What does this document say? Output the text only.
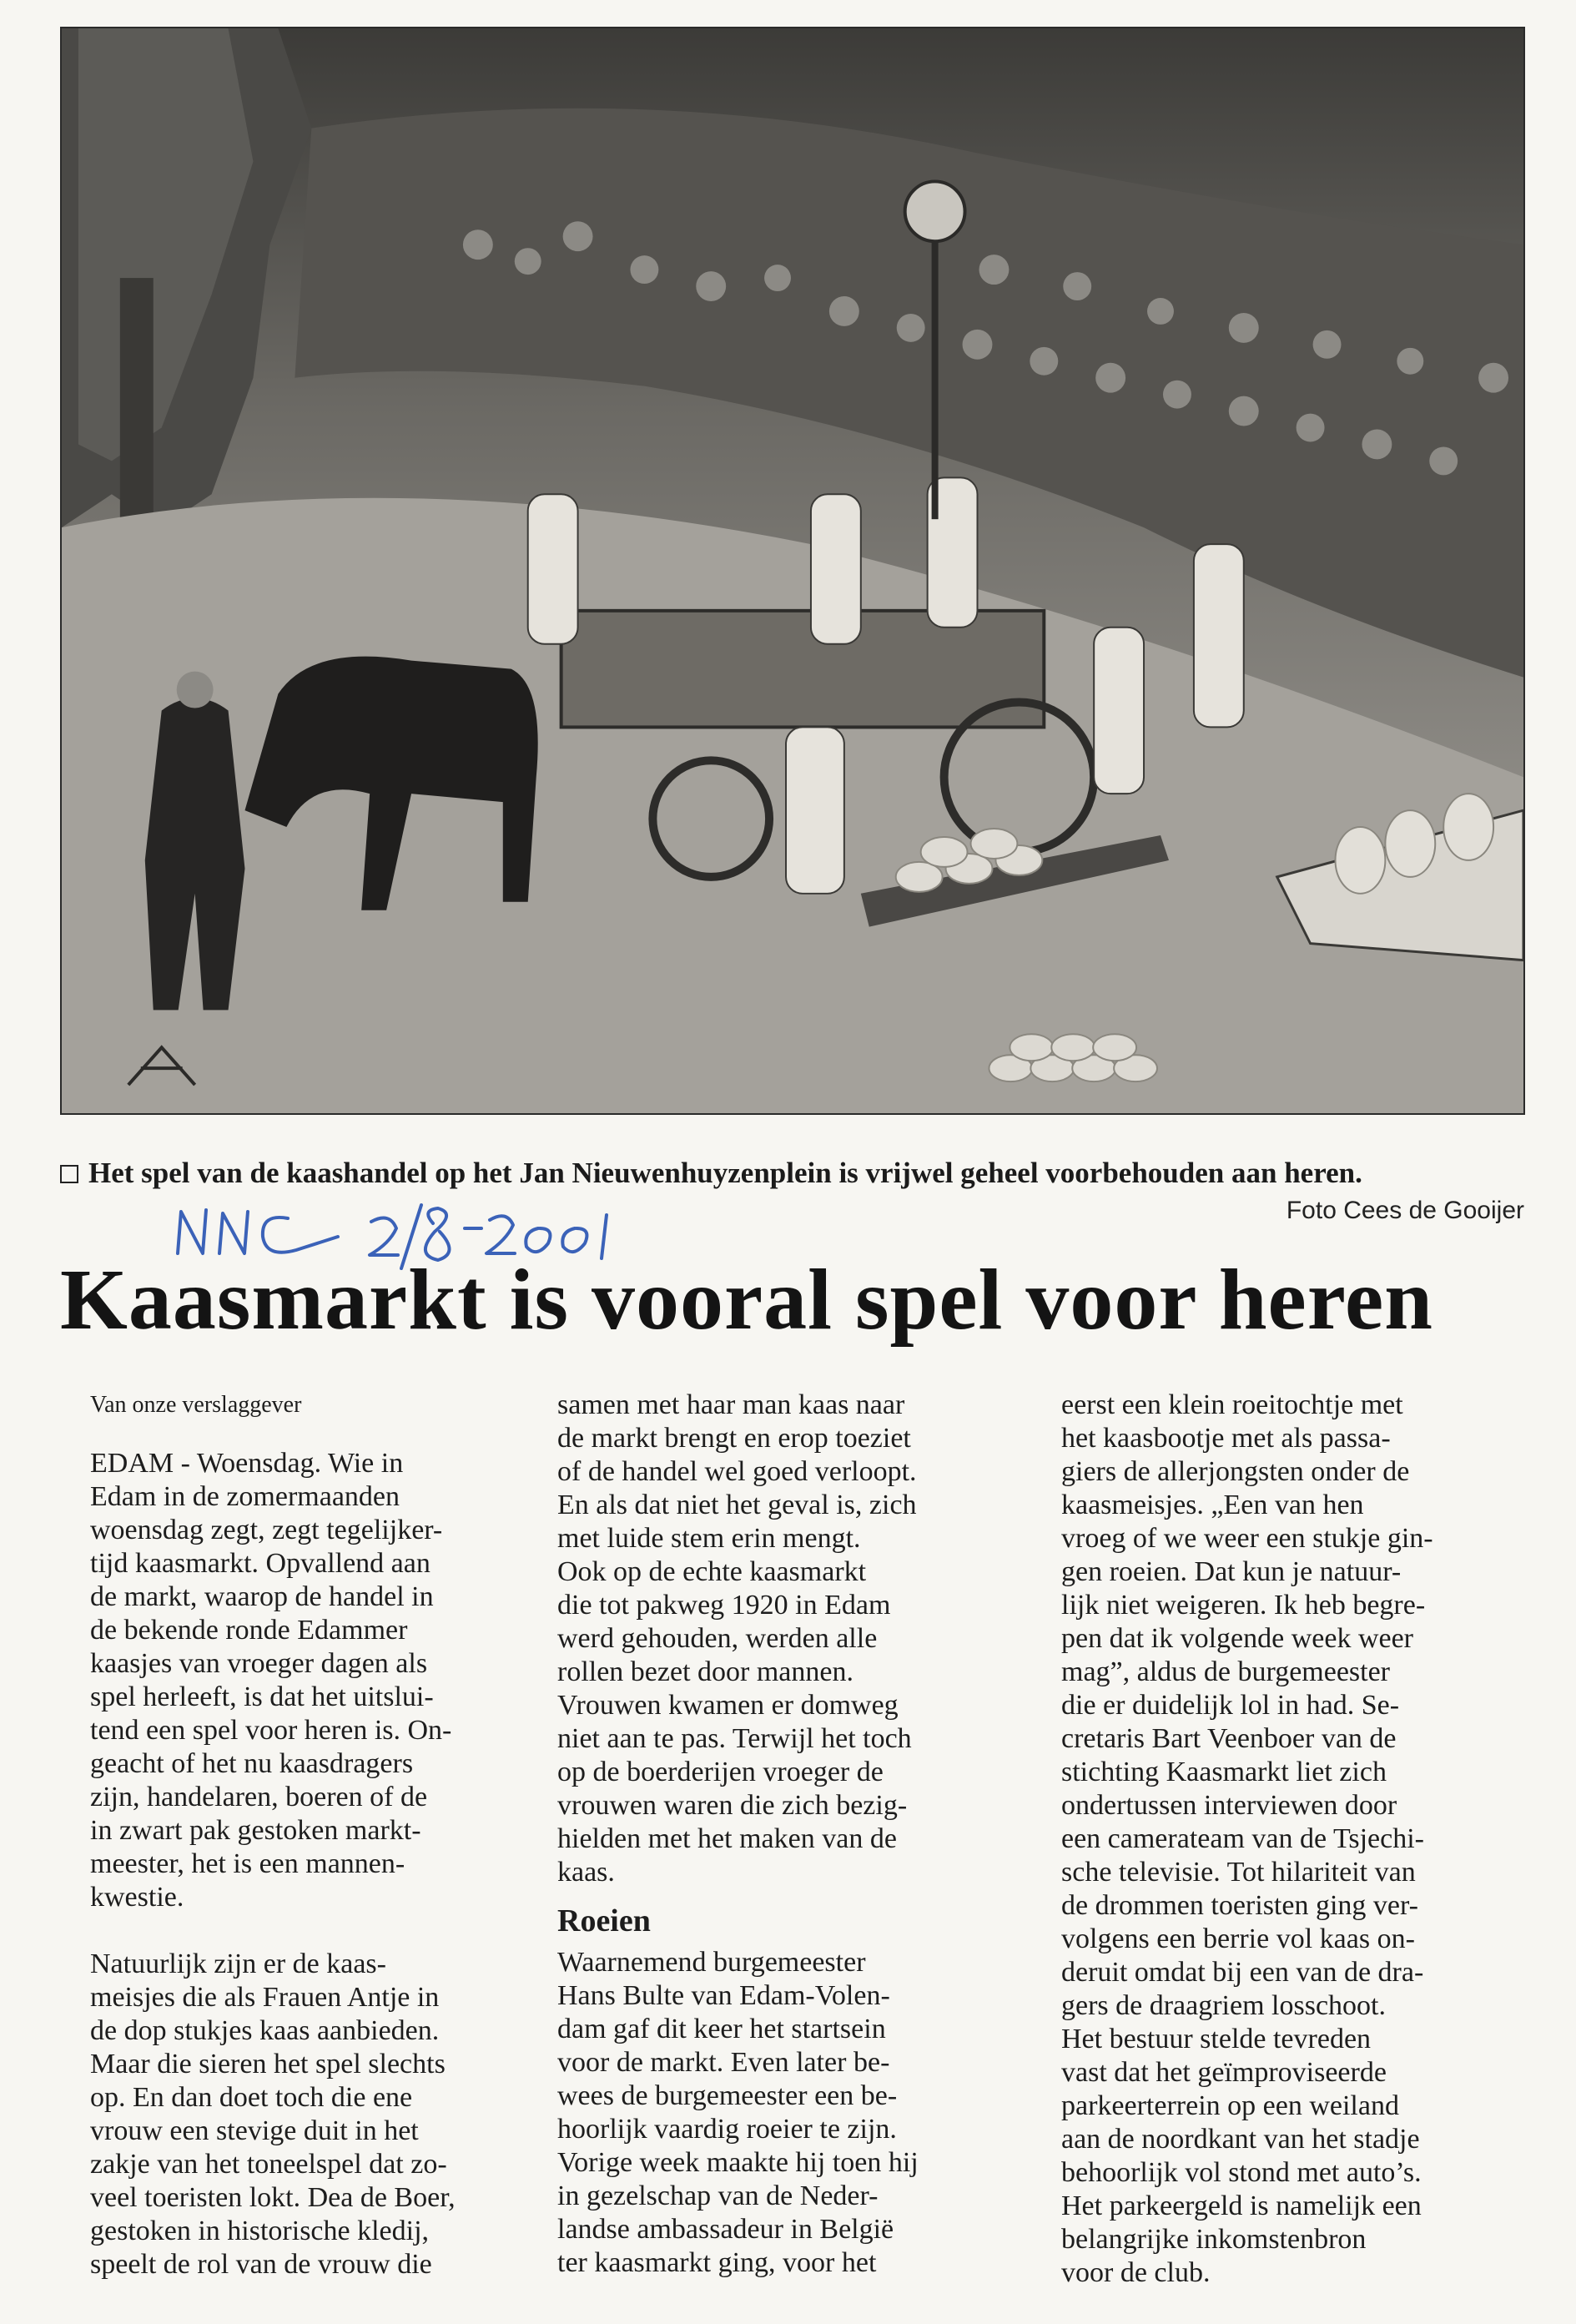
Het spel van de kaashandel op het Jan Nieuwenhuyzenplein is vrijwel geheel voorbehouden aan heren.
Foto Cees de Gooijer
Kaasmarkt is vooral spel voor heren

Van onze verslaggever

EDAM - Woensdag. Wie in
Edam in de zomermaanden
woensdag zegt, zegt tegelijker-
tijd kaasmarkt. Opvallend aan
de markt, waarop de handel in
de bekende ronde Edammer
kaasjes van vroeger dagen als
spel herleeft, is dat het uitslui-
tend een spel voor heren is. On-
geacht of het nu kaasdragers
zijn, handelaren, boeren of de
in zwart pak gestoken markt-
meester, het is een mannen-
kwestie.

Natuurlijk zijn er de kaas-
meisjes die als Frauen Antje in
de dop stukjes kaas aanbieden.
Maar die sieren het spel slechts
op. En dan doet toch die ene
vrouw een stevige duit in het
zakje van het toneelspel dat zo-
veel toeristen lokt. Dea de Boer,
gestoken in historische kledij,
speelt de rol van de vrouw die

samen met haar man kaas naar
de markt brengt en erop toeziet
of de handel wel goed verloopt.
En als dat niet het geval is, zich
met luide stem erin mengt.

Ook op de echte kaasmarkt
die tot pakweg 1920 in Edam
werd gehouden, werden alle
rollen bezet door mannen.
Vrouwen kwamen er domweg
niet aan te pas. Terwijl het toch
op de boerderijen vroeger de
vrouwen waren die zich bezig-
hielden met het maken van de
kaas.

Roeien

Waarnemend burgemeester
Hans Bulte van Edam-Volen-
dam gaf dit keer het startsein
voor de markt. Even later be-
wees de burgemeester een be-
hoorlijk vaardig roeier te zijn.
Vorige week maakte hij toen hij
in gezelschap van de Neder-
landse ambassadeur in België
ter kaasmarkt ging, voor het

eerst een klein roeitochtje met
het kaasbootje met als passa-
giers de allerjongsten onder de
kaasmeisjes. „Een van hen
vroeg of we weer een stukje gin-
gen roeien. Dat kun je natuur-
lijk niet weigeren. Ik heb begre-
pen dat ik volgende week weer
mag”, aldus de burgemeester
die er duidelijk lol in had. Se-
cretaris Bart Veenboer van de
stichting Kaasmarkt liet zich
ondertussen interviewen door
een camerateam van de Tsjechi-
sche televisie. Tot hilariteit van
de drommen toeristen ging ver-
volgens een berrie vol kaas on-
deruit omdat bij een van de dra-
gers de draagriem losschoot.

Het bestuur stelde tevreden
vast dat het geïmproviseerde
parkeerterrein op een weiland
aan de noordkant van het stadje
behoorlijk vol stond met auto’s.
Het parkeergeld is namelijk een
belangrijke inkomstenbron
voor de club.
